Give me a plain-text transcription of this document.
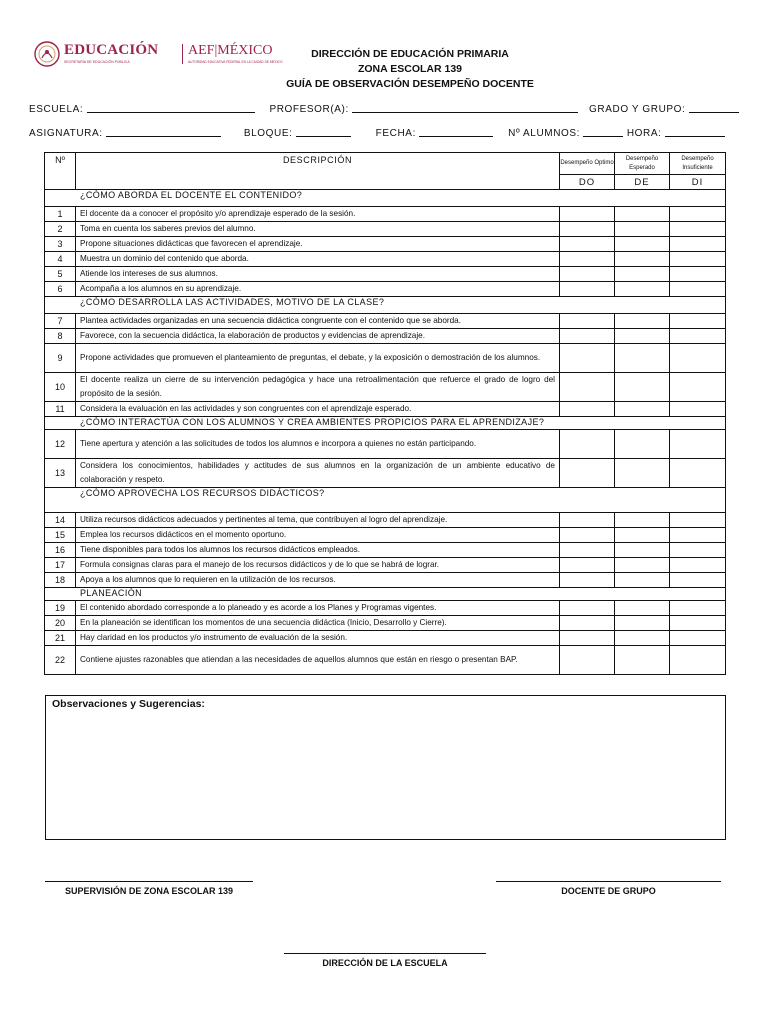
EDUCACIÓN
SECRETARÍA DE EDUCACIÓN PÚBLICA
AEF|MÉXICO
AUTORIDAD EDUCATIVA FEDERAL EN LA CIUDAD DE MÉXICO
DIRECCIÓN DE EDUCACIÓN PRIMARIA
ZONA ESCOLAR 139
GUÍA DE OBSERVACIÓN DESEMPEÑO DOCENTE
ESCUELA:	PROFESOR(A):	GRADO Y GRUPO:
ASIGNATURA:	BLOQUE:	FECHA:	Nº ALUMNOS:	HORA:
Nº	DESCRIPCIÓN	Desempeño Optimo	Desempeño Esperado	Desempeño Insuficiente
		DO	DE	DI
¿CÓMO ABORDA EL DOCENTE EL CONTENIDO?				
1	El docente da a conocer el propósito y/o aprendizaje esperado de la sesión.			
2	Toma en cuenta los saberes previos del alumno.			
3	Propone situaciones didácticas que favorecen el aprendizaje.			
4	Muestra un dominio del contenido que aborda.			
5	Atiende los intereses de sus alumnos.			
6	Acompaña a los alumnos en su aprendizaje.			
¿CÓMO DESARROLLA LAS ACTIVIDADES, MOTIVO DE LA CLASE?				
7	Plantea actividades organizadas en una secuencia didáctica congruente con el contenido que se aborda.			
8	Favorece, con la secuencia didáctica, la elaboración de productos y evidencias de aprendizaje.			
9	Propone actividades que promueven el planteamiento de preguntas, el debate, y la exposición o demostración de los alumnos.			
10	El docente realiza un cierre de su intervención pedagógica y hace una retroalimentación que refuerce el grado de logro del propósito de la sesión.			
11	Considera la evaluación en las actividades y son congruentes con el aprendizaje esperado.			
¿CÓMO INTERACTÚA CON LOS ALUMNOS Y CREA AMBIENTES PROPICIOS PARA EL APRENDIZAJE?				
12	Tiene apertura y atención a las solicitudes de todos los alumnos e incorpora a quienes no están participando.			
13	Considera los conocimientos, habilidades y actitudes de sus alumnos en la organización de un ambiente educativo de colaboración y respeto.			
¿CÓMO APROVECHA LOS RECURSOS DIDÁCTICOS?				
14	Utiliza recursos didácticos adecuados y pertinentes al tema, que contribuyen al logro del aprendizaje.			
15	Emplea los recursos didácticos en el momento oportuno.			
16	Tiene disponibles para todos los alumnos los recursos didácticos empleados.			
17	Formula consignas claras para el manejo de los recursos didácticos y de lo que se habrá de lograr.			
18	Apoya a los alumnos que lo requieren en la utilización de los recursos.			
PLANEACIÓN				
19	El contenido abordado corresponde a lo planeado y es acorde a los Planes y Programas vigentes.			
20	En la planeación se identifican los momentos de una secuencia didáctica (Inicio, Desarrollo y Cierre).			
21	Hay claridad en los productos y/o instrumento de evaluación de la sesión.			
22	Contiene ajustes razonables que atiendan a las necesidades de aquellos alumnos que están en riesgo o presentan BAP.			
Observaciones y Sugerencias:
SUPERVISIÓN DE ZONA ESCOLAR 139	DOCENTE DE GRUPO
DIRECCIÓN DE LA ESCUELA
